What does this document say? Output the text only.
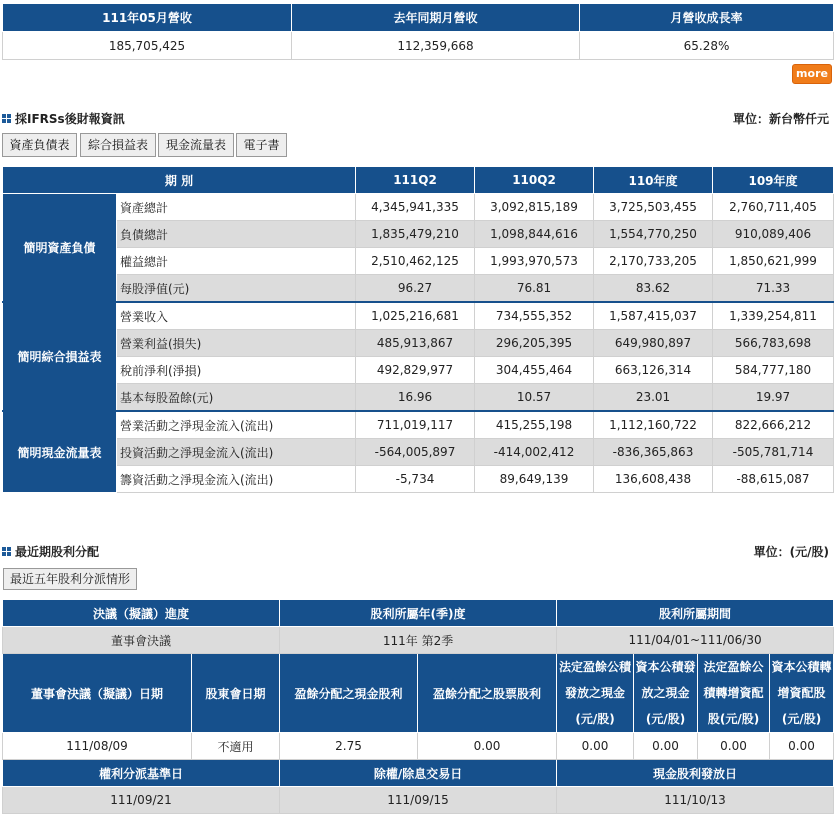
111年05月營收	去年同期月營收	月營收成長率
185,705,425	112,359,668	65.28%
more
採IFRSs後財報資訊	單位：新台幣仟元
資產負債表	綜合損益表	現金流量表	電子書
期 別		111Q2	110Q2	110年度	109年度
簡明資產負債	資產總計	4,345,941,335	3,092,815,189	3,725,503,455	2,760,711,405
	負債總計	1,835,479,210	1,098,844,616	1,554,770,250	910,089,406
	權益總計	2,510,462,125	1,993,970,573	2,170,733,205	1,850,621,999
	每股淨值(元)	96.27	76.81	83.62	71.33
簡明綜合損益表	營業收入	1,025,216,681	734,555,352	1,587,415,037	1,339,254,811
	營業利益(損失)	485,913,867	296,205,395	649,980,897	566,783,698
	稅前淨利(淨損)	492,829,977	304,455,464	663,126,314	584,777,180
	基本每股盈餘(元)	16.96	10.57	23.01	19.97
簡明現金流量表	營業活動之淨現金流入(流出)	711,019,117	415,255,198	1,112,160,722	822,666,212
	投資活動之淨現金流入(流出)	-564,005,897	-414,002,412	-836,365,863	-505,781,714
	籌資活動之淨現金流入(流出)	-5,734	89,649,139	136,608,438	-88,615,087
最近期股利分配	單位：(元/股)
最近五年股利分派情形
決議（擬議）進度		股利所屬年(季)度		股利所屬期間			
董事會決議		111年 第2季		111/04/01~111/06/30			
董事會決議（擬議）日期	股東會日期	盈餘分配之現金股利	盈餘分配之股票股利	法定盈餘公積發放之現金(元/股)	資本公積發放之現金(元/股)	法定盈餘公積轉增資配股(元/股)	資本公積轉增資配股(元/股)
111/08/09	不適用	2.75	0.00	0.00	0.00	0.00	0.00
權利分派基準日		除權/除息交易日		現金股利發放日			
111/09/21		111/09/15		111/10/13			
